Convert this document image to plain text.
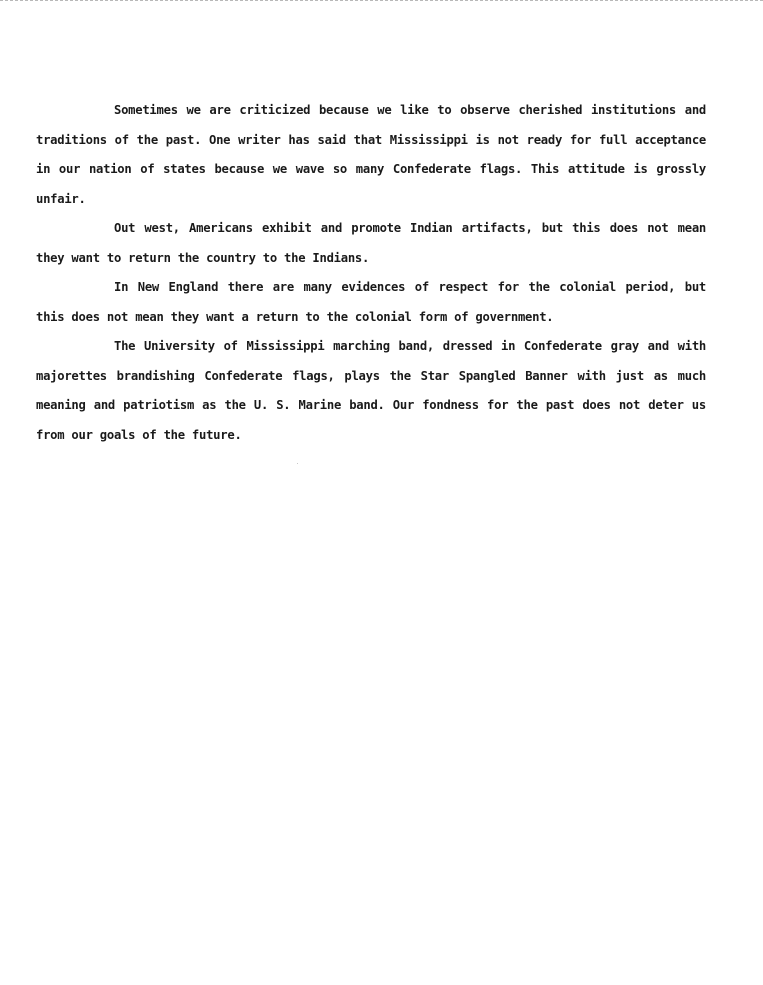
Sometimes we are criticized because we like to observe cherished institutions and traditions of the past. One writer has said that Mississippi is not ready for full acceptance in our nation of states because we wave so many Confederate flags. This attitude is grossly unfair.

Out west, Americans exhibit and promote Indian artifacts, but this does not mean they want to return the country to the Indians.

In New England there are many evidences of respect for the colonial period, but this does not mean they want a return to the colonial form of government.

The University of Mississippi marching band, dressed in Confederate gray and with majorettes brandishing Confederate flags, plays the Star Spangled Banner with just as much meaning and patriotism as the U. S. Marine band. Our fondness for the past does not deter us from our goals of the future.
